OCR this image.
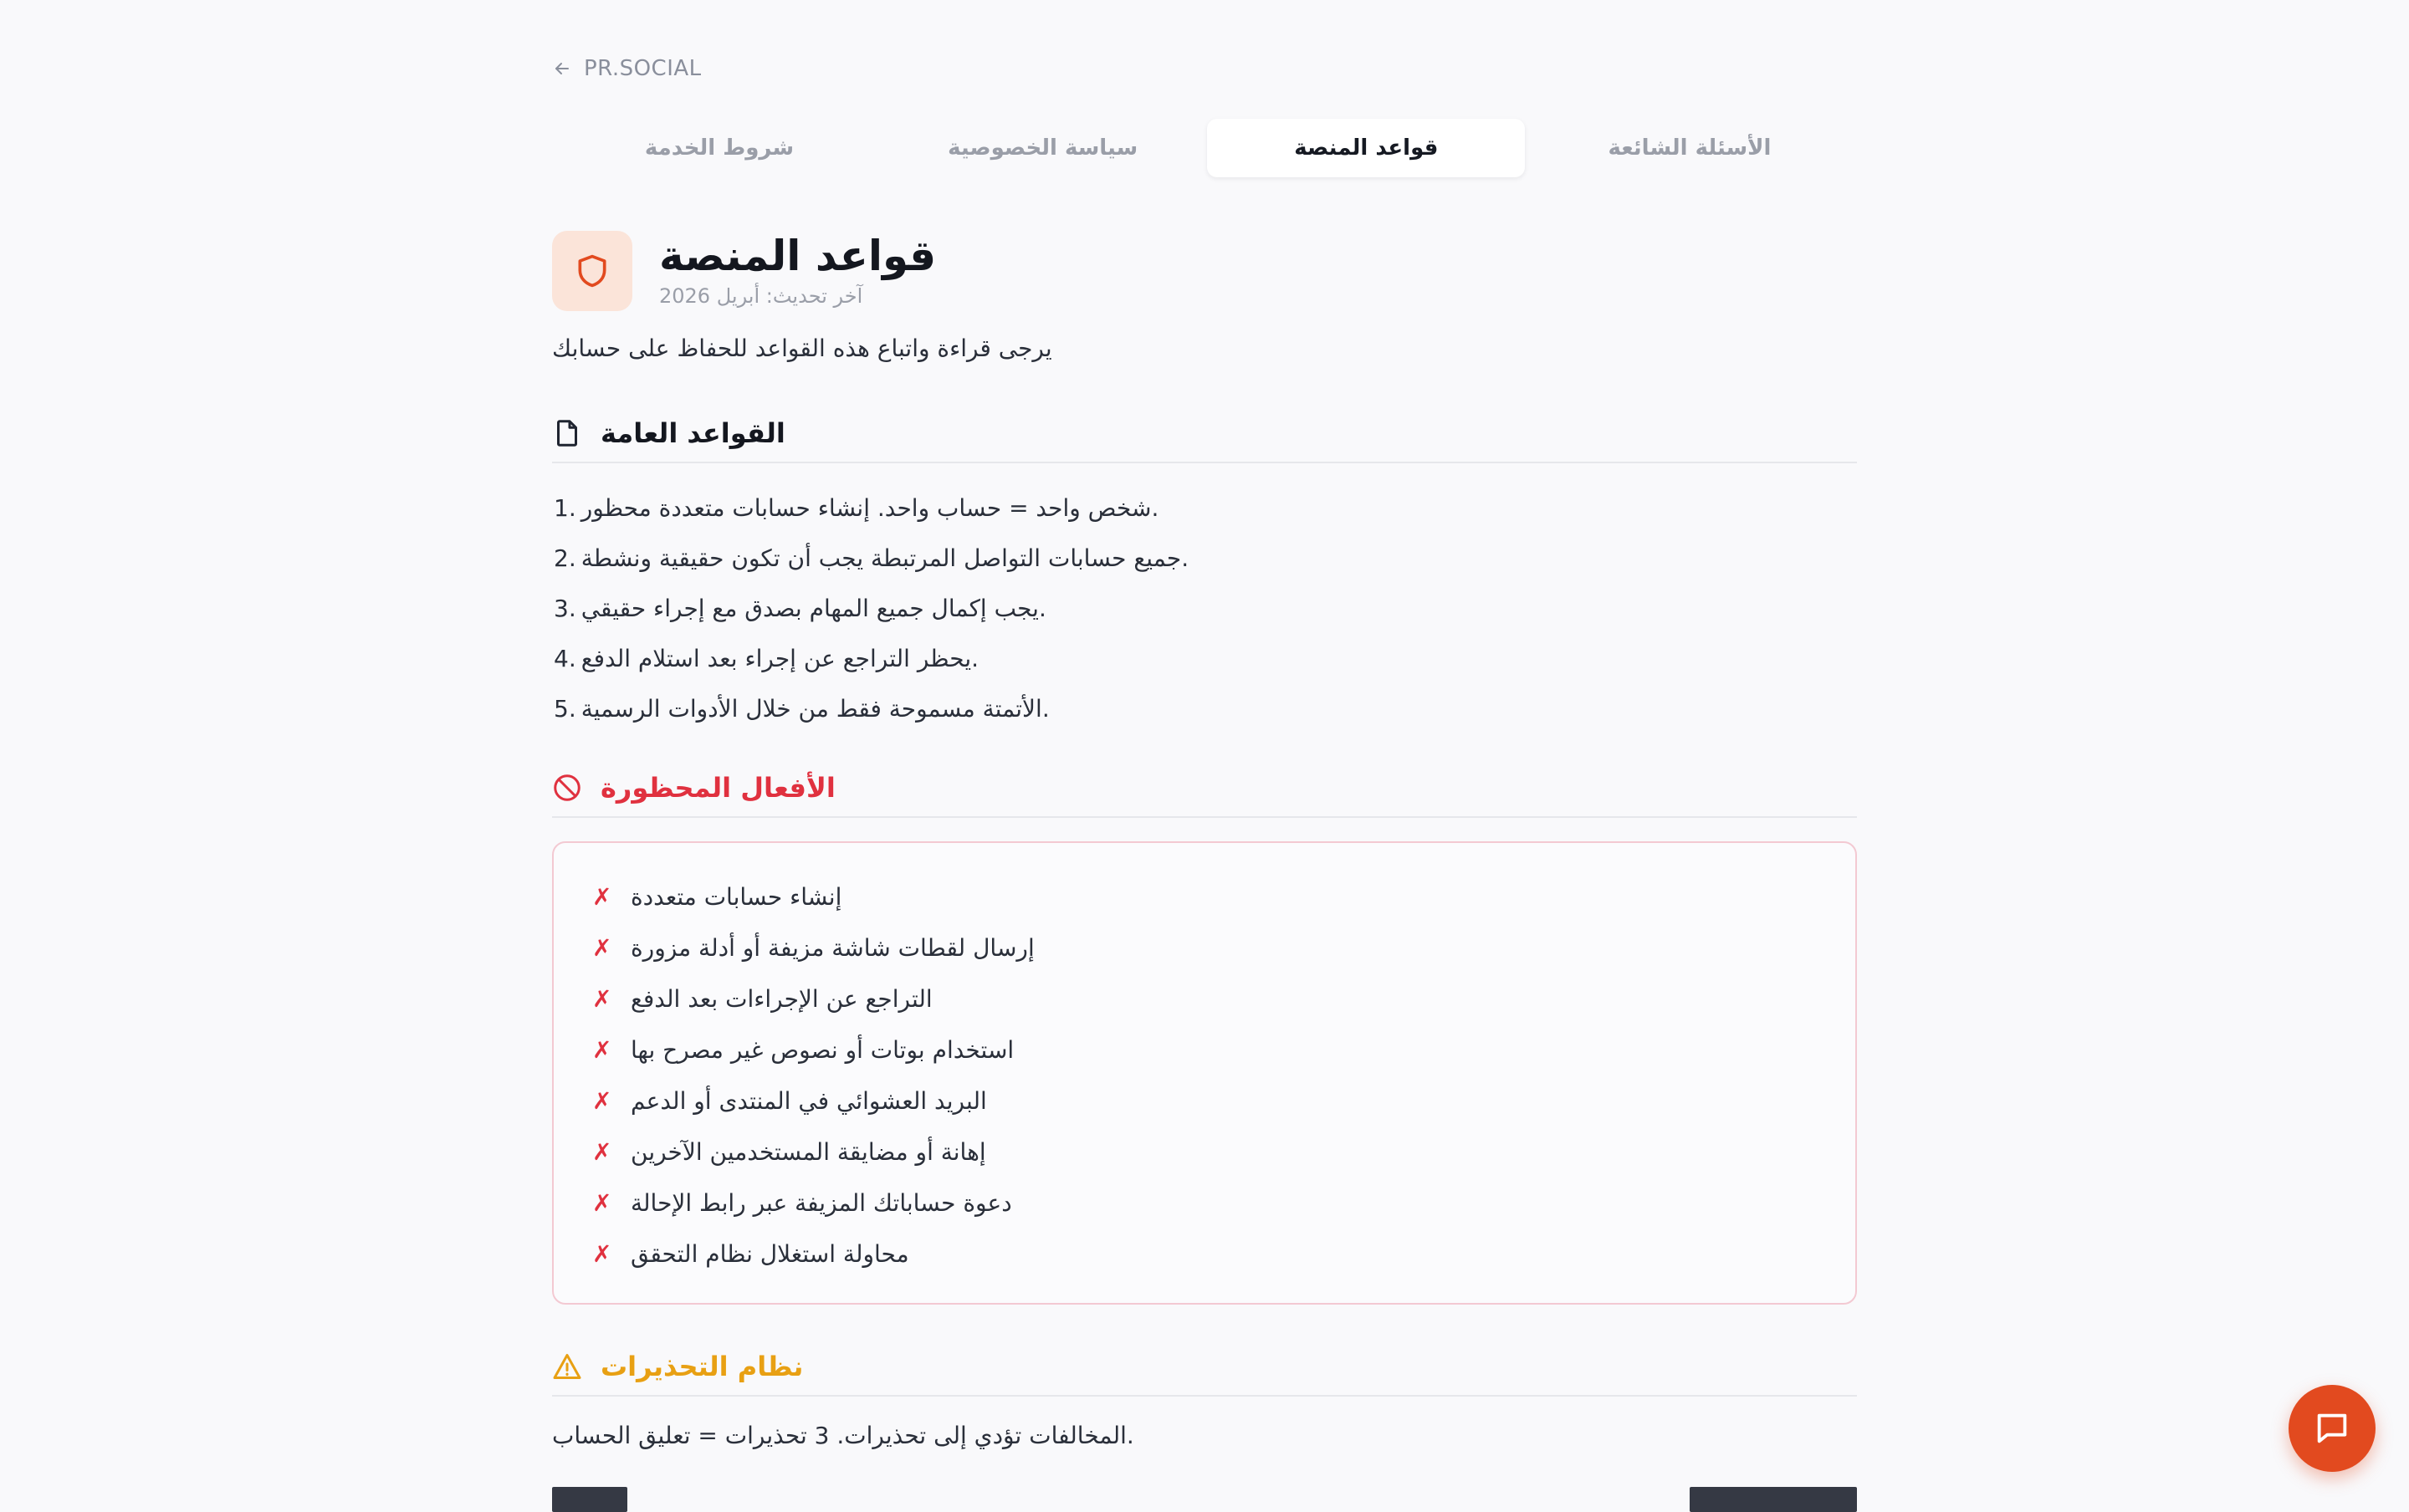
PR.SOCIAL
الأسئلة الشائعة
قواعد المنصة
سياسة الخصوصية
شروط الخدمة
قواعد المنصة
آخر تحديث: أبريل 2026
يرجى قراءة واتباع هذه القواعد للحفاظ على حسابك
القواعد العامة
1. شخص واحد = حساب واحد. إنشاء حسابات متعددة محظور.
2. جميع حسابات التواصل المرتبطة يجب أن تكون حقيقية ونشطة.
3. يجب إكمال جميع المهام بصدق مع إجراء حقيقي.
4. يحظر التراجع عن إجراء بعد استلام الدفع.
5. الأتمتة مسموحة فقط من خلال الأدوات الرسمية.
الأفعال المحظورة
✗ إنشاء حسابات متعددة
✗ إرسال لقطات شاشة مزيفة أو أدلة مزورة
✗ التراجع عن الإجراءات بعد الدفع
✗ استخدام بوتات أو نصوص غير مصرح بها
✗ البريد العشوائي في المنتدى أو الدعم
✗ إهانة أو مضايقة المستخدمين الآخرين
✗ دعوة حساباتك المزيفة عبر رابط الإحالة
✗ محاولة استغلال نظام التحقق
نظام التحذيرات
المخالفات تؤدي إلى تحذيرات. 3 تحذيرات = تعليق الحساب.
